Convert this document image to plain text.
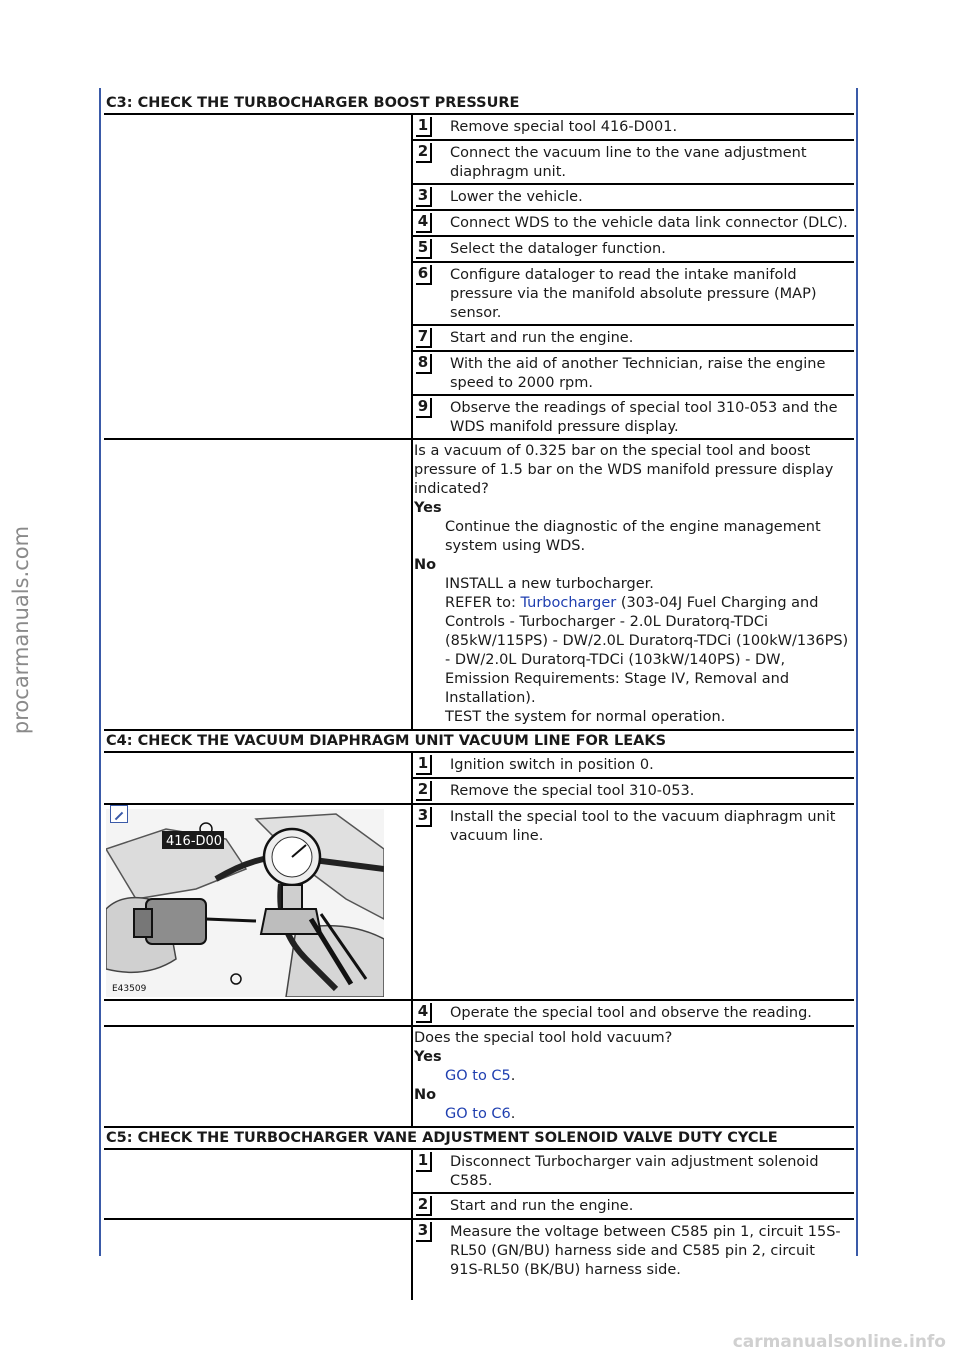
procarmanuals.com
carmanualsonline.info
C3: CHECK THE TURBOCHARGER BOOST PRESSURE
1	Remove special tool 416-D001.
2	Connect the vacuum line to the vane adjustment diaphragm unit.
3	Lower the vehicle.
4	Connect WDS to the vehicle data link connector (DLC).
5	Select the dataloger function.
6	Configure dataloger to read the intake manifold pressure via the manifold absolute pressure (MAP) sensor.
7	Start and run the engine.
8	With the aid of another Technician, raise the engine speed to 2000 rpm.
9	Observe the readings of special tool 310-053 and the WDS manifold pressure display.
Is a vacuum of 0.325 bar on the special tool and boost pressure of 1.5 bar on the WDS manifold pressure display indicated?
Yes
Continue the diagnostic of the engine management system using WDS.
No
INSTALL a new turbocharger.
REFER to: Turbocharger (303-04J Fuel Charging and Controls - Turbocharger - 2.0L Duratorq-TDCi (85kW/115PS) - DW/2.0L Duratorq-TDCi (100kW/136PS) - DW/2.0L Duratorq-TDCi (103kW/140PS) - DW, Emission Requirements: Stage IV, Removal and Installation).
TEST the system for normal operation.
C4: CHECK THE VACUUM DIAPHRAGM UNIT VACUUM LINE FOR LEAKS
1	Ignition switch in position 0.
2	Remove the special tool 310-053.
416-D00
E43509
3	Install the special tool to the vacuum diaphragm unit vacuum line.
4	Operate the special tool and observe the reading.
Does the special tool hold vacuum?
Yes
GO to C5.
No
GO to C6.
C5: CHECK THE TURBOCHARGER VANE ADJUSTMENT SOLENOID VALVE DUTY CYCLE
1	Disconnect Turbocharger vain adjustment solenoid C585.
2	Start and run the engine.
3	Measure the voltage between C585 pin 1, circuit 15S-RL50 (GN/BU) harness side and C585 pin 2, circuit 91S-RL50 (BK/BU) harness side.
